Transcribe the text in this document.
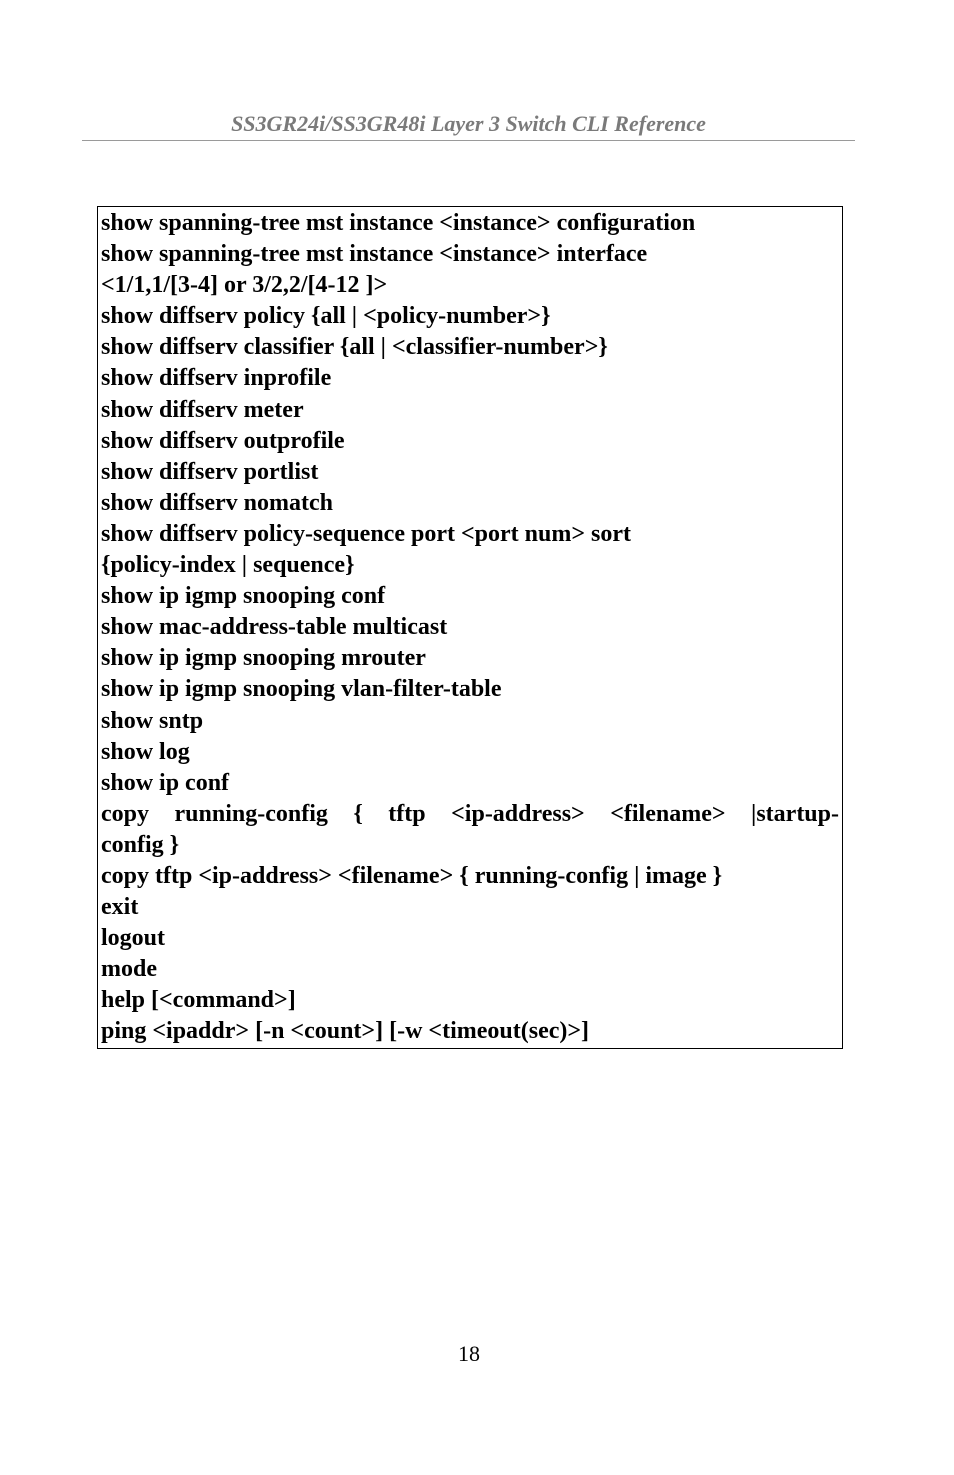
SS3GR24i/SS3GR48i Layer 3 Switch CLI Reference
show spanning-tree mst instance <instance> configuration
show spanning-tree mst instance <instance> interface
<1/1,1/[3-4] or 3/2,2/[4-12 ]>
show diffserv policy {all | <policy-number>}
show diffserv classifier {all | <classifier-number>}
show diffserv inprofile
show diffserv meter
show diffserv outprofile
show diffserv portlist
show diffserv nomatch
show diffserv policy-sequence port <port num> sort
{policy-index | sequence}
show ip igmp snooping conf
show mac-address-table multicast
show ip igmp snooping mrouter
show ip igmp snooping vlan-filter-table
show sntp
show log
show ip conf
copy running-config { tftp <ip-address> <filename> |startup-
config }
copy tftp <ip-address> <filename> { running-config | image }
exit
logout
mode
help [<command>]
ping <ipaddr> [-n <count>] [-w <timeout(sec)>]
18
